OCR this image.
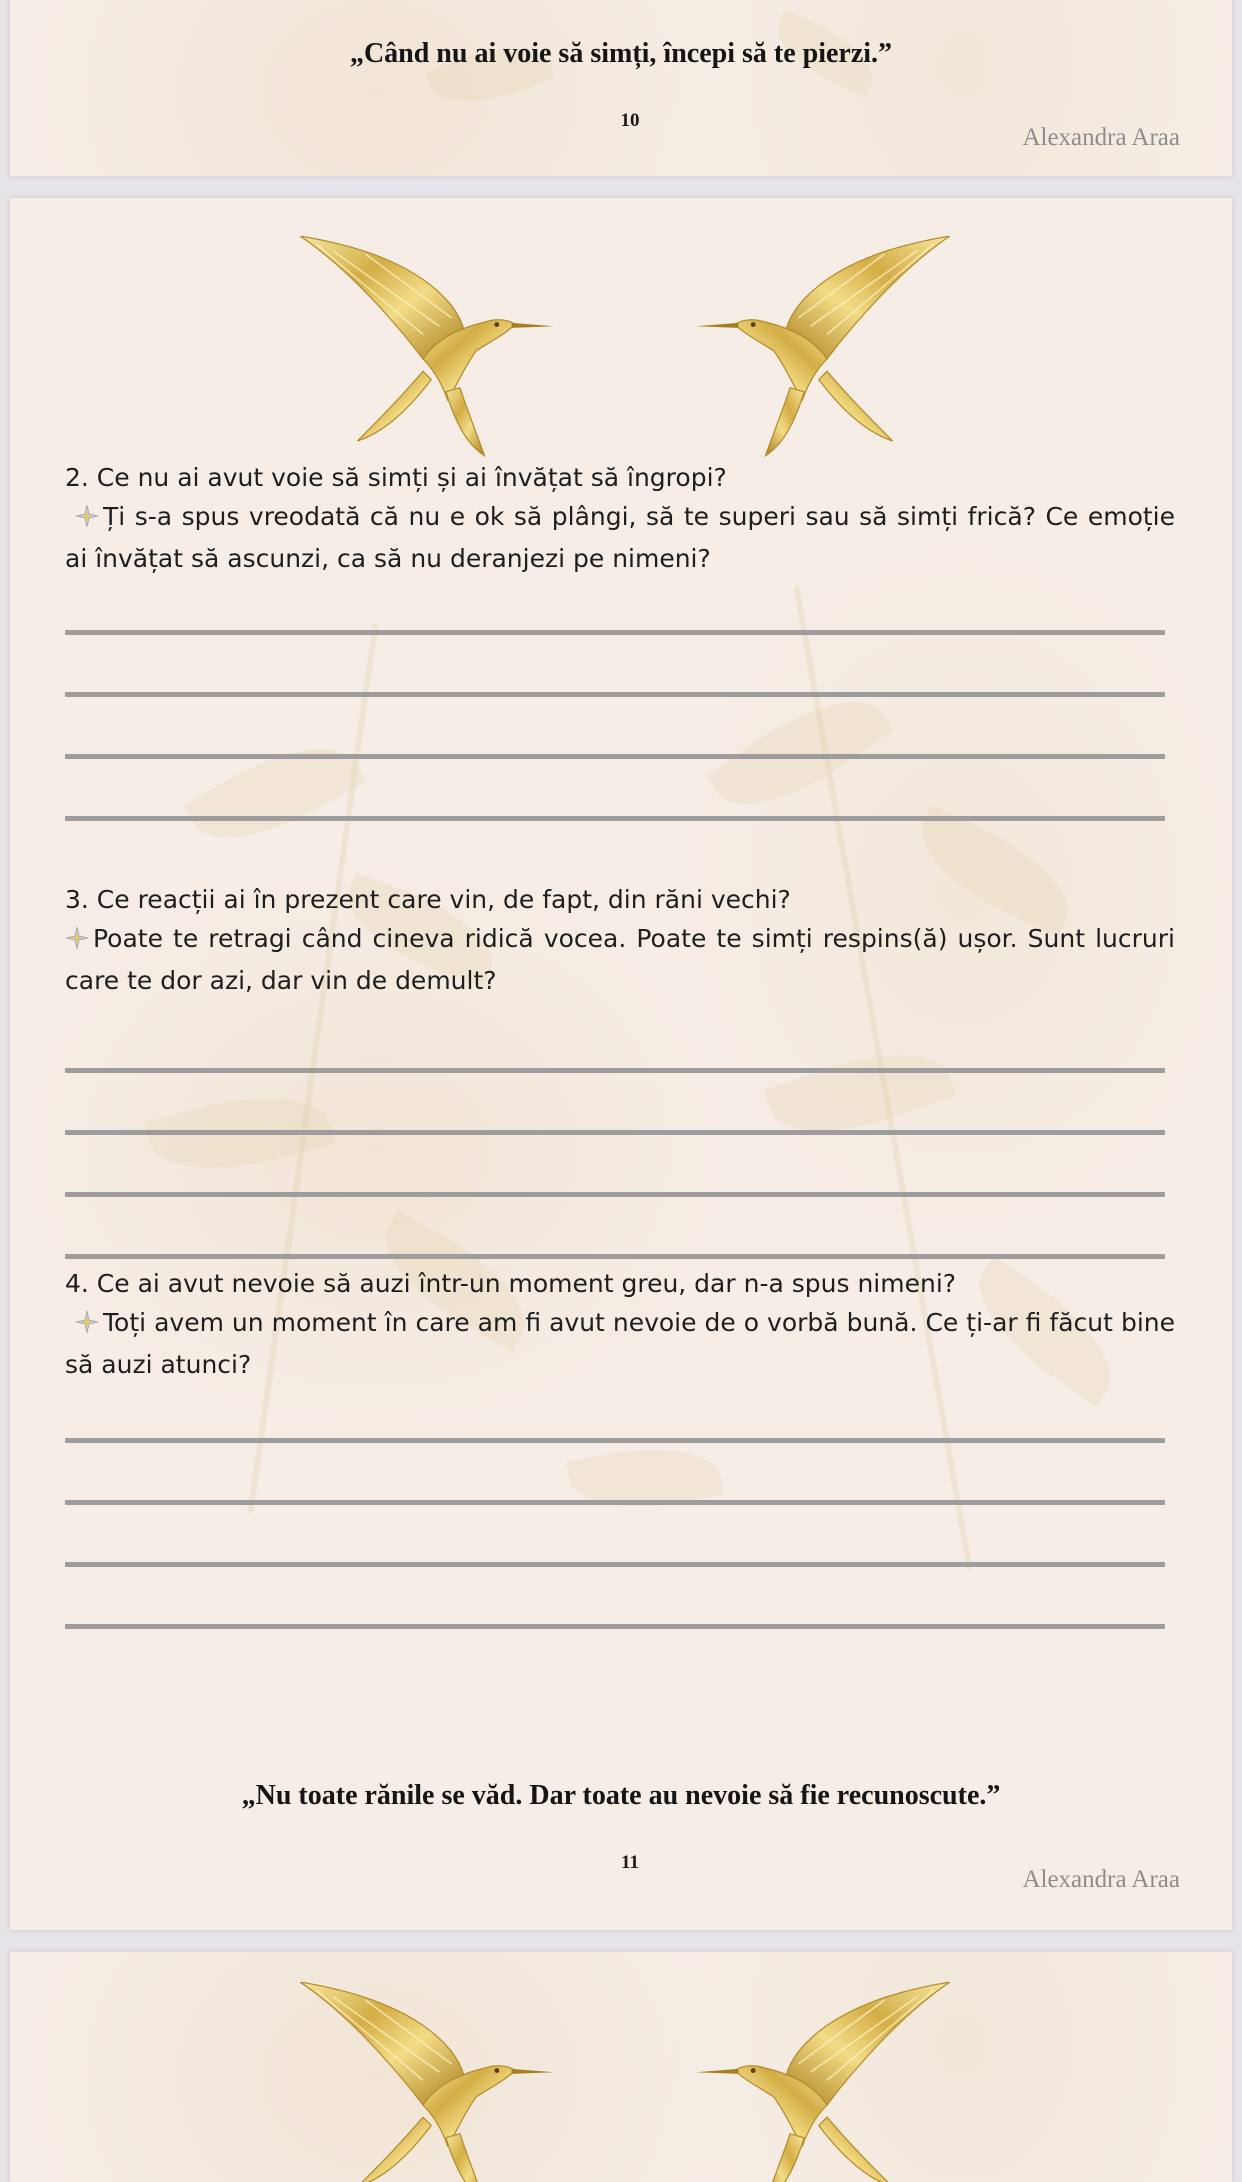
„Când nu ai voie să simți, începi să te pierzi.”
10
Alexandra Araa

2. Ce nu ai avut voie să simți și ai învățat să îngropi?

Ți s-a spus vreodată că nu e ok să plângi, să te superi sau să simți frică? Ce emoție ai învățat să ascunzi, ca să nu deranjezi pe nimeni?

3. Ce reacții ai în prezent care vin, de fapt, din răni vechi?

Poate te retragi când cineva ridică vocea. Poate te simți respins(ă) ușor. Sunt lucruri care te dor azi, dar vin de demult?

4. Ce ai avut nevoie să auzi într-un moment greu, dar n-a spus nimeni?

Toți avem un moment în care am fi avut nevoie de o vorbă bună. Ce ți-ar fi făcut bine să auzi atunci?

„Nu toate rănile se văd. Dar toate au nevoie să fie recunoscute.”
11
Alexandra Araa
